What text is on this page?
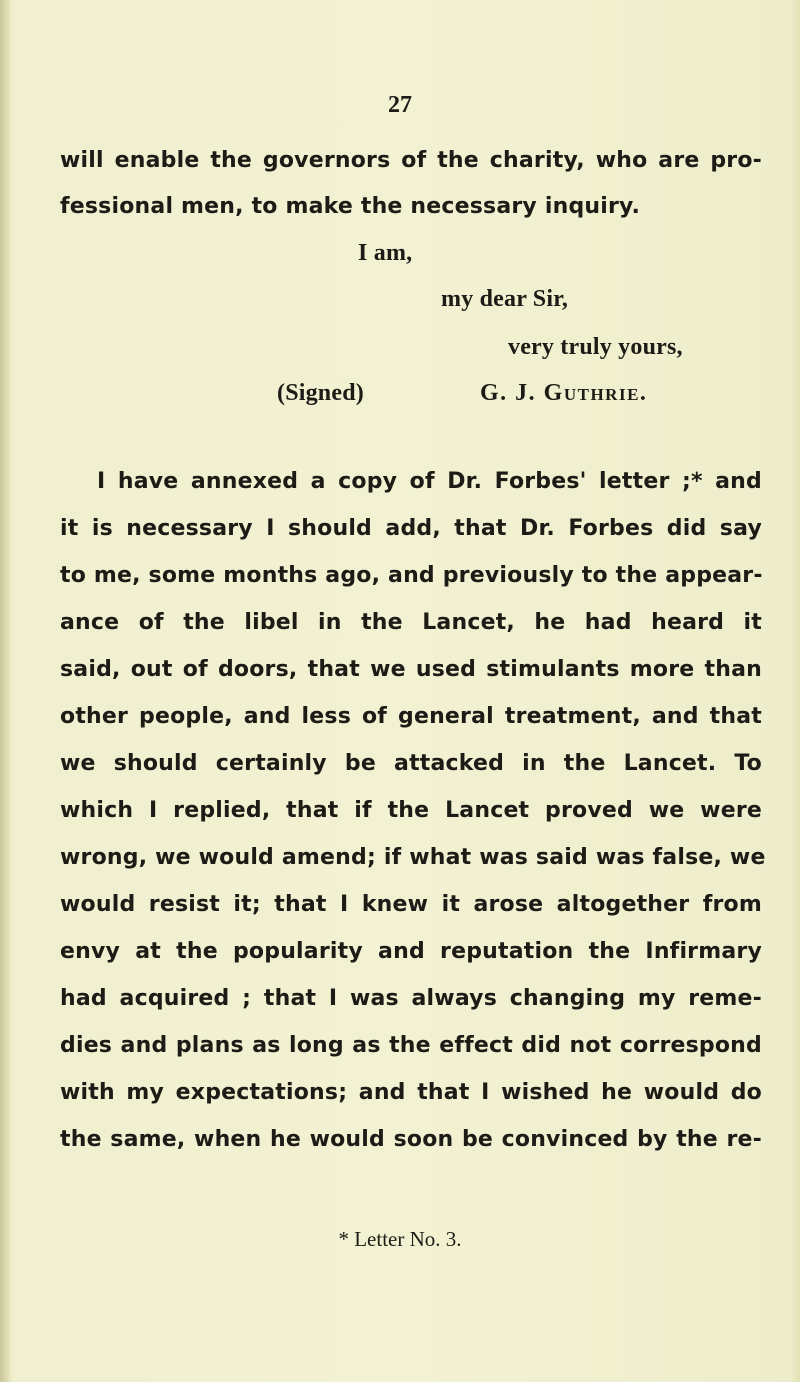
27
will enable the governors of the charity, who are pro-
fessional men, to make the necessary inquiry.
I am,
my dear Sir,
very truly yours,
(Signed)	G. J. Guthrie.
I have annexed a copy of Dr. Forbes' letter ;* and
it is necessary I should add, that Dr. Forbes did say
to me, some months ago, and previously to the appear-
ance of the libel in the Lancet, he had heard it
said, out of doors, that we used stimulants more than
other people, and less of general treatment, and that
we should certainly be attacked in the Lancet. To
which I replied, that if the Lancet proved we were
wrong, we would amend; if what was said was false, we
would resist it; that I knew it arose altogether from
envy at the popularity and reputation the Infirmary
had acquired ; that I was always changing my reme-
dies and plans as long as the effect did not correspond
with my expectations; and that I wished he would do
the same, when he would soon be convinced by the re-
* Letter No. 3.
